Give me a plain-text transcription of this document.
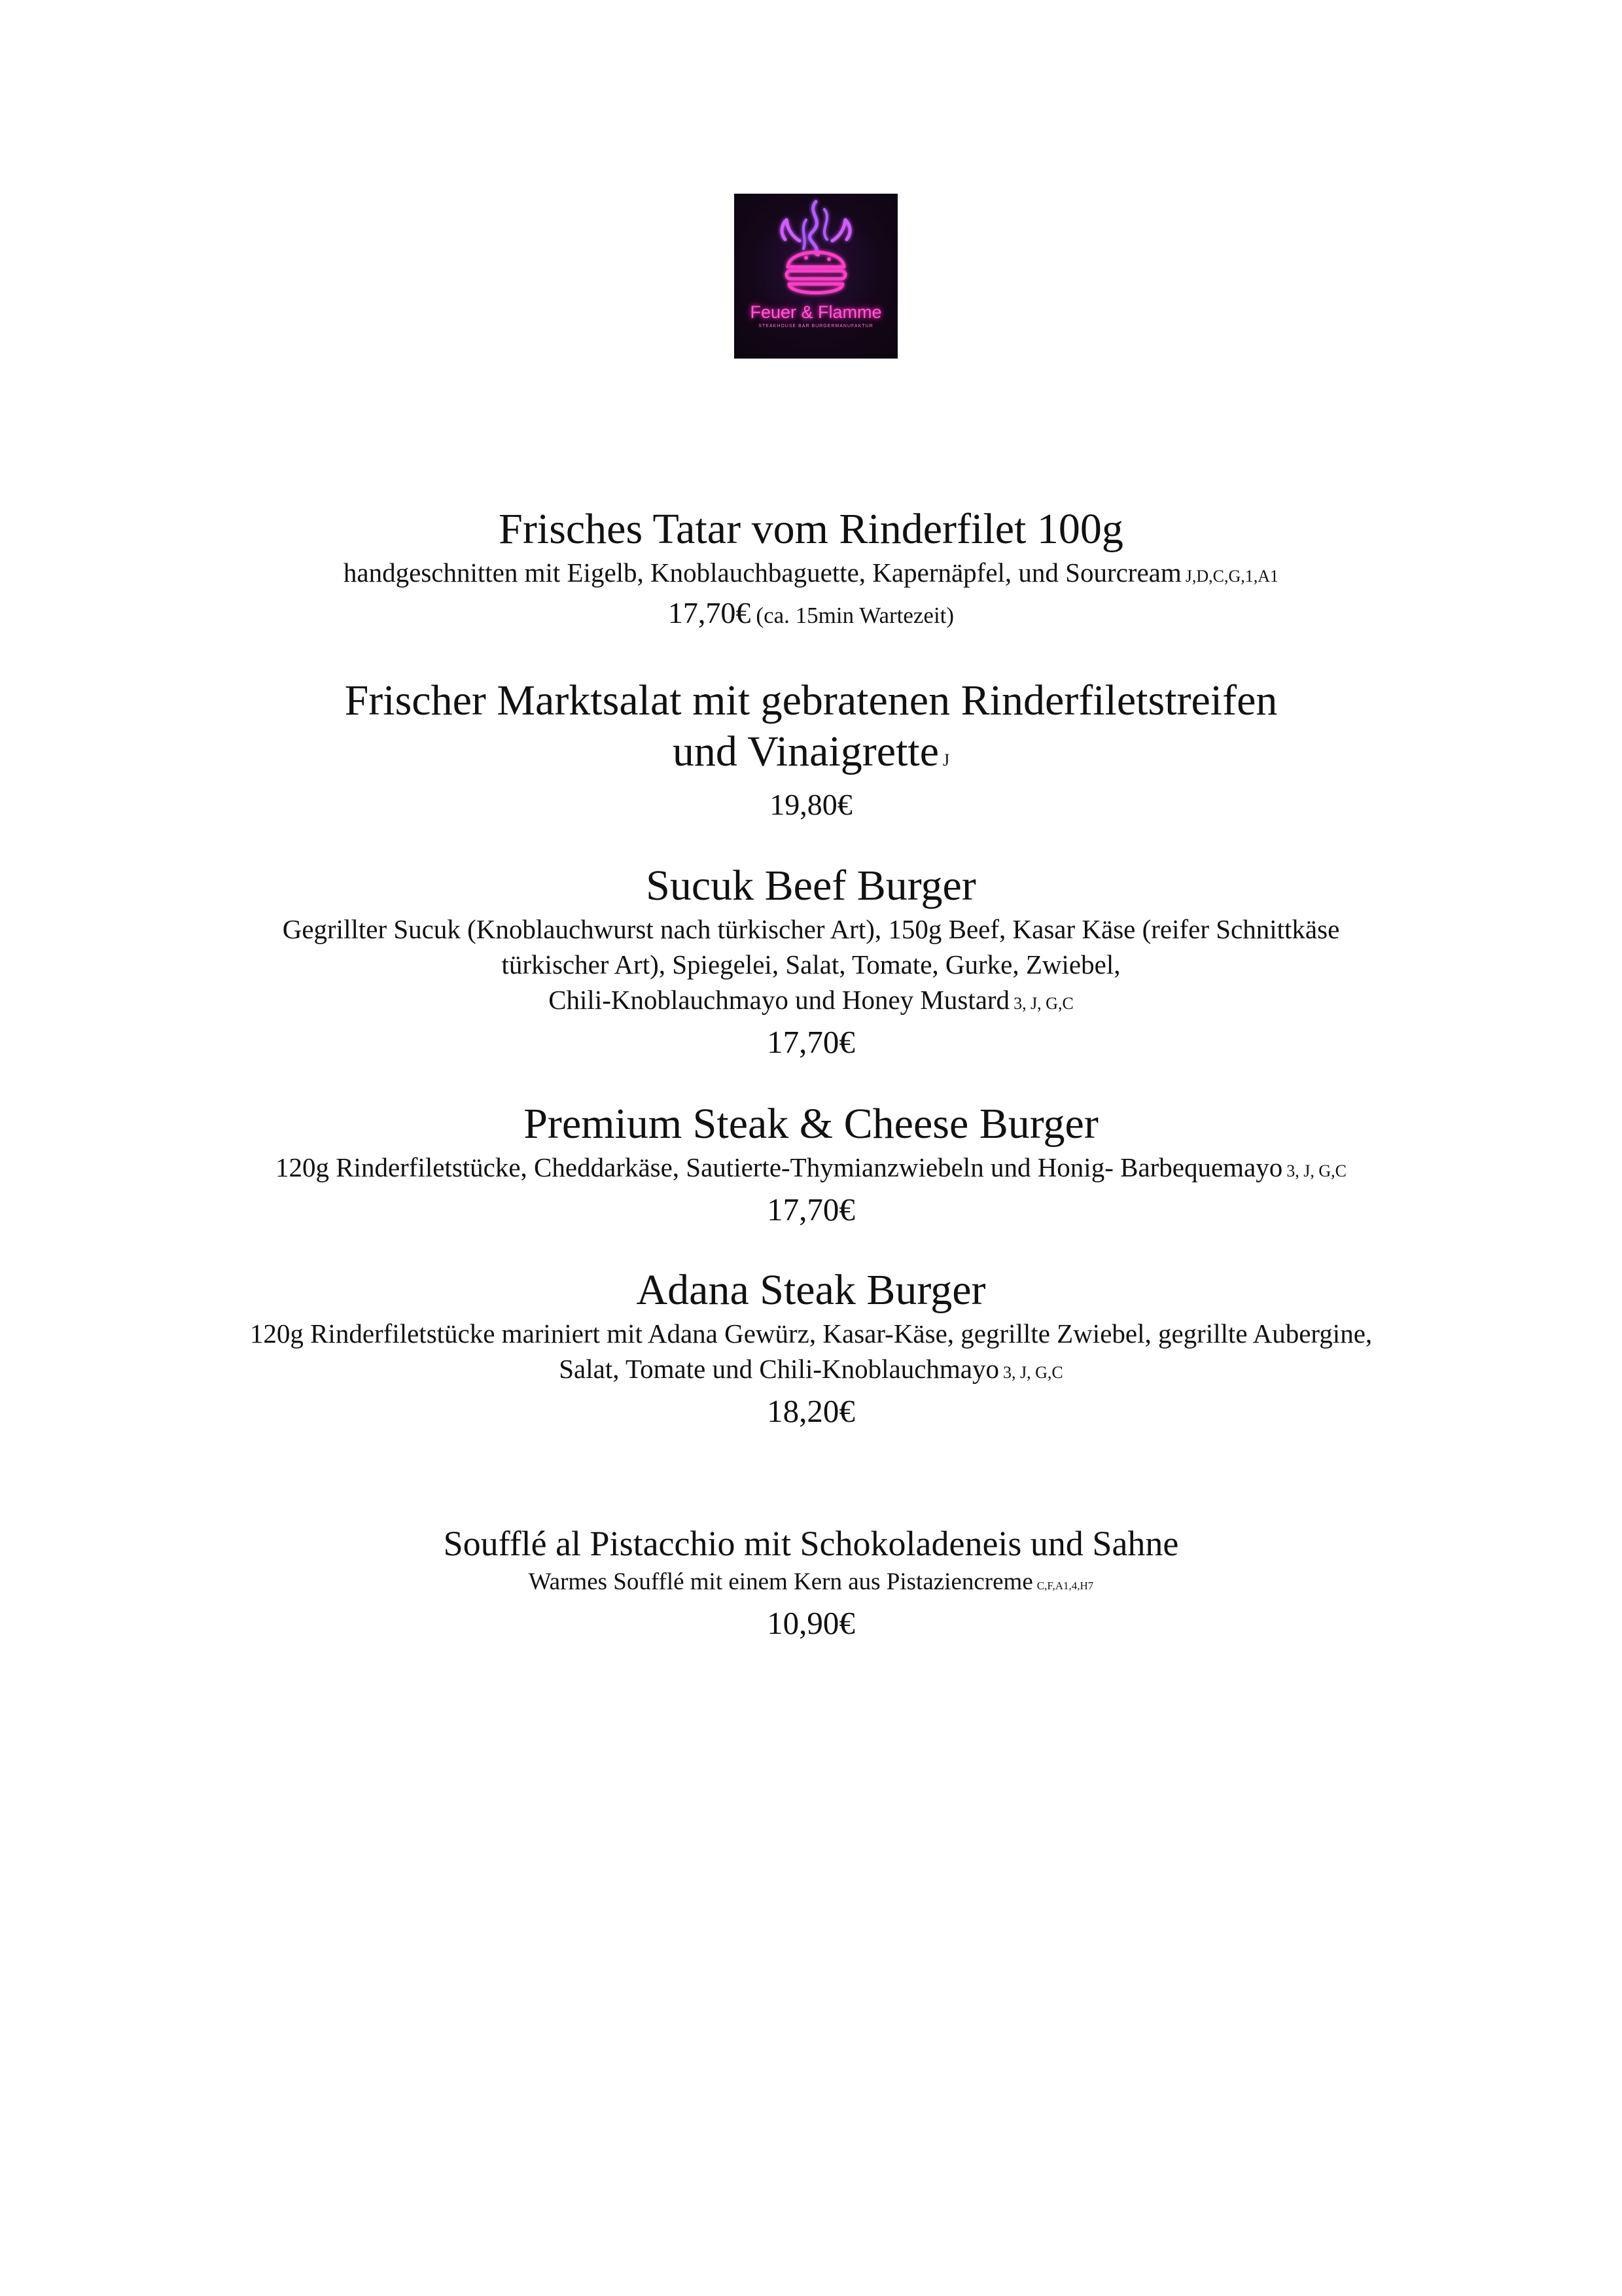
Feuer & Flamme
STEAKHOUSE BAR BURGERMANUFAKTUR

Frisches Tatar vom Rinderfilet 100g

handgeschnitten mit Eigelb, Knoblauchbaguette, Kapernäpfel, und Sourcream J,D,C,G,1,A1

17,70€ (ca. 15min Wartezeit)

Frischer Marktsalat mit gebratenen Rinderfiletstreifen

und Vinaigrette J

19,80€

Sucuk Beef Burger

Gegrillter Sucuk (Knoblauchwurst nach türkischer Art), 150g Beef, Kasar Käse (reifer Schnittkäse

türkischer Art), Spiegelei, Salat, Tomate, Gurke, Zwiebel,

Chili-Knoblauchmayo und Honey Mustard 3, J, G,C

17,70€

Premium Steak & Cheese Burger

120g Rinderfiletstücke, Cheddarkäse, Sautierte-Thymianzwiebeln und Honig- Barbequemayo 3, J, G,C

17,70€

Adana Steak Burger

120g Rinderfiletstücke mariniert mit Adana Gewürz, Kasar-Käse, gegrillte Zwiebel, gegrillte Aubergine,

Salat, Tomate und Chili-Knoblauchmayo 3, J, G,C

18,20€

Soufflé al Pistacchio mit Schokoladeneis und Sahne

Warmes Soufflé mit einem Kern aus Pistaziencreme C,F,A1,4,H7

10,90€
